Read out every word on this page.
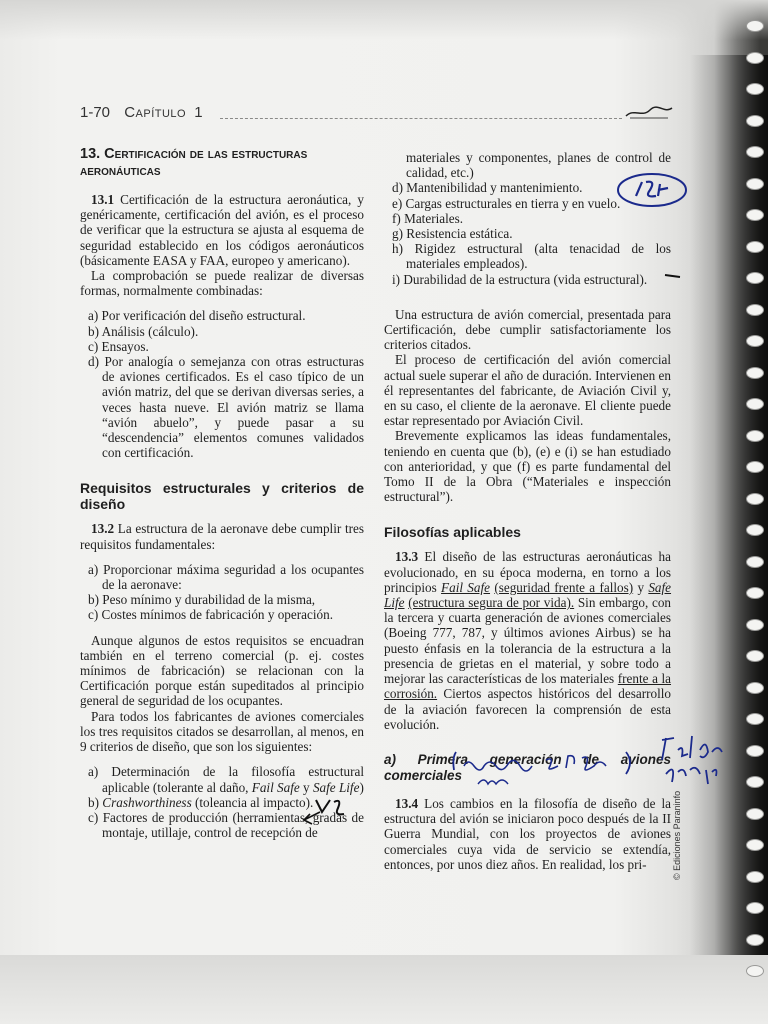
1-70 Capítulo 1
13. Certificación de las estructuras
aeronáuticas

13.1 Certificación de la estructura aeronáutica, y genéricamente, certificación del avión, es el proceso de verificar que la estructura se ajusta al esquema de seguridad establecido en los códigos aeronáuticos (básicamente EASA y FAA, europeo y americano).

La comprobación se puede realizar de diversas formas, normalmente combinadas:

a) Por verificación del diseño estructural.
b) Análisis (cálculo).
c) Ensayos.
d) Por analogía o semejanza con otras estructuras de aviones certificados. Es el caso típico de un avión matriz, del que se derivan diversas series, a veces hasta nueve. El avión matriz se llama “avión abuelo”, y puede pasar a su “descendencia” elementos comunes validados con certificación.
Requisitos estructurales y criterios de diseño

13.2 La estructura de la aeronave debe cumplir tres requisitos fundamentales:

a) Proporcionar máxima seguridad a los ocupantes de la aeronave:
b) Peso mínimo y durabilidad de la misma,
c) Costes mínimos de fabricación y operación.

Aunque algunos de estos requisitos se encuadran también en el terreno comercial (p. ej. costes mínimos de fabricación) se relacionan con la Certificación porque están supeditados al principio general de seguridad de los ocupantes.

Para todos los fabricantes de aviones comerciales los tres requisitos citados se desarrollan, al menos, en 9 criterios de diseño, que son los siguientes:

a) Determinación de la filosofía estructural aplicable (tolerante al daño, Fail Safe y Safe Life)
b) Crashworthiness (toleancia al impacto).
c) Factores de producción (herramientas, gradas de montaje, utillaje, control de recepción de
materiales y componentes, planes de control de calidad, etc.)
d) Mantenibilidad y mantenimiento.
e) Cargas estructurales en tierra y en vuelo.
f) Materiales.
g) Resistencia estática.
h) Rigidez estructural (alta tenacidad de los materiales empleados).
i) Durabilidad de la estructura (vida estructural).

Una estructura de avión comercial, presentada para Certificación, debe cumplir satisfactoriamente los criterios citados.

El proceso de certificación del avión comercial actual suele superar el año de duración. Intervienen en él representantes del fabricante, de Aviación Civil y, en su caso, el cliente de la aeronave. El cliente puede estar representado por Aviación Civil.

Brevemente explicamos las ideas fundamentales, teniendo en cuenta que (b), (e) e (i) se han estudiado con anterioridad, y que (f) es parte fundamental del Tomo II de la Obra (“Materiales e inspección estructural”).

Filosofías aplicables

13.3 El diseño de las estructuras aeronáuticas ha evolucionado, en su época moderna, en torno a los principios Fail Safe (seguridad frente a fallos) y Safe Life (estructura segura de por vida). Sin embargo, con la tercera y cuarta generación de aviones comerciales (Boeing 777, 787, y últimos aviones Airbus) se ha puesto énfasis en la tolerancia de la estructura a la presencia de grietas en el material, y sobre todo a mejorar las características de los materiales frente a la corrosión. Ciertos aspectos históricos del desarrollo de la aviación favorecen la comprensión de esta evolución.

a) Primera generación de aviones comerciales

13.4 Los cambios en la filosofía de diseño de la estructura del avión se iniciaron poco después de la II Guerra Mundial, con los proyectos de aviones comerciales cuya vida de servicio se extendía, entonces, por unos diez años. En realidad, los pri-	© Ediciones Paraninfo
